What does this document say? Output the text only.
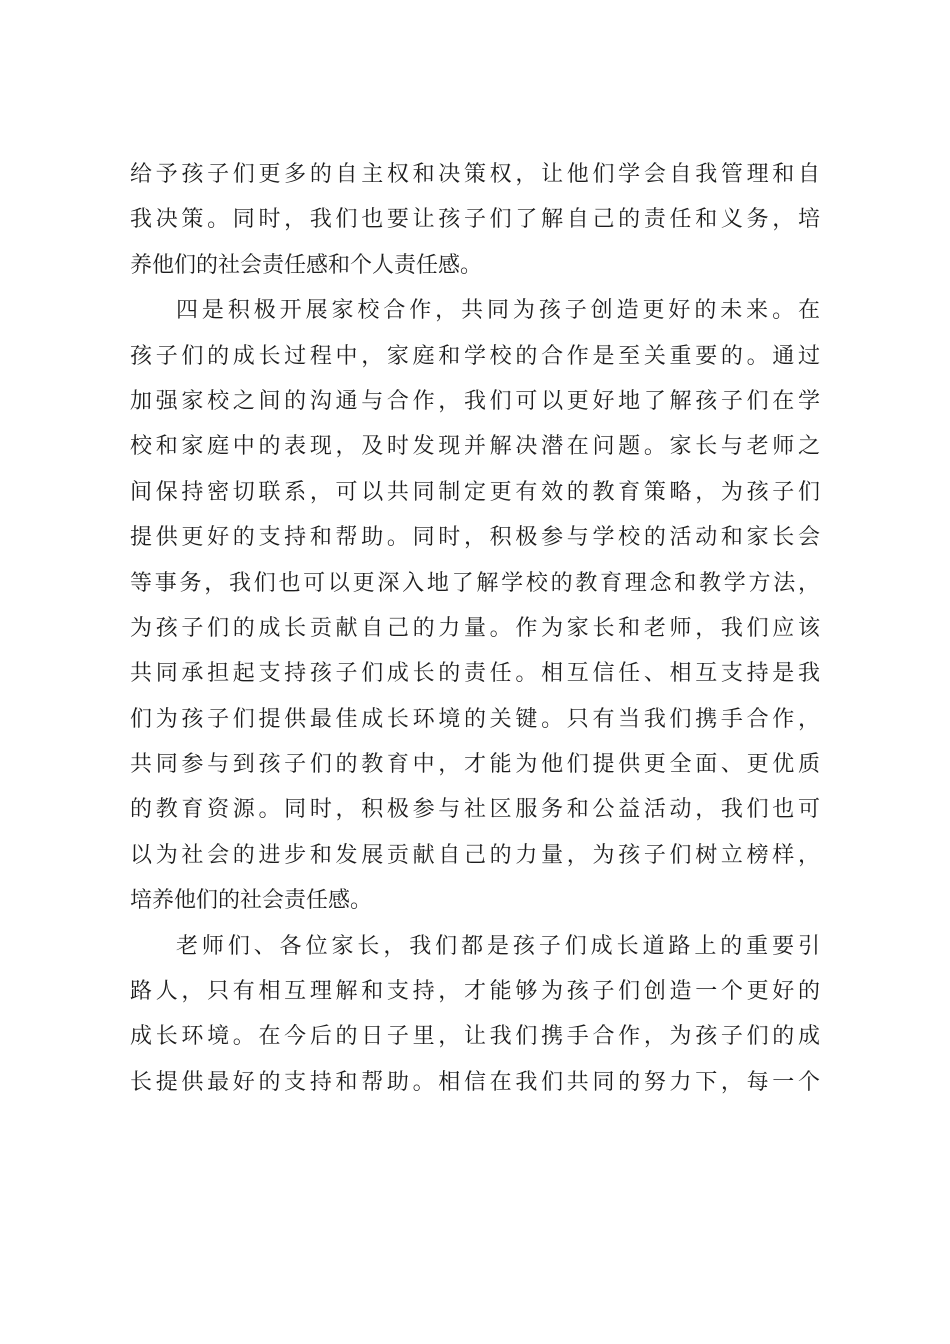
给予孩子们更多的自主权和决策权，让他们学会自我管理和自
我决策。同时，我们也要让孩子们了解自己的责任和义务，培
养他们的社会责任感和个人责任感。
四是积极开展家校合作，共同为孩子创造更好的未来。在
孩子们的成长过程中，家庭和学校的合作是至关重要的。通过
加强家校之间的沟通与合作，我们可以更好地了解孩子们在学
校和家庭中的表现，及时发现并解决潜在问题。家长与老师之
间保持密切联系，可以共同制定更有效的教育策略，为孩子们
提供更好的支持和帮助。同时，积极参与学校的活动和家长会
等事务，我们也可以更深入地了解学校的教育理念和教学方法，
为孩子们的成长贡献自己的力量。作为家长和老师，我们应该
共同承担起支持孩子们成长的责任。相互信任、相互支持是我
们为孩子们提供最佳成长环境的关键。只有当我们携手合作，
共同参与到孩子们的教育中，才能为他们提供更全面、更优质
的教育资源。同时，积极参与社区服务和公益活动，我们也可
以为社会的进步和发展贡献自己的力量，为孩子们树立榜样，
培养他们的社会责任感。
老师们、各位家长，我们都是孩子们成长道路上的重要引
路人，只有相互理解和支持，才能够为孩子们创造一个更好的
成长环境。在今后的日子里，让我们携手合作，为孩子们的成
长提供最好的支持和帮助。相信在我们共同的努力下，每一个
